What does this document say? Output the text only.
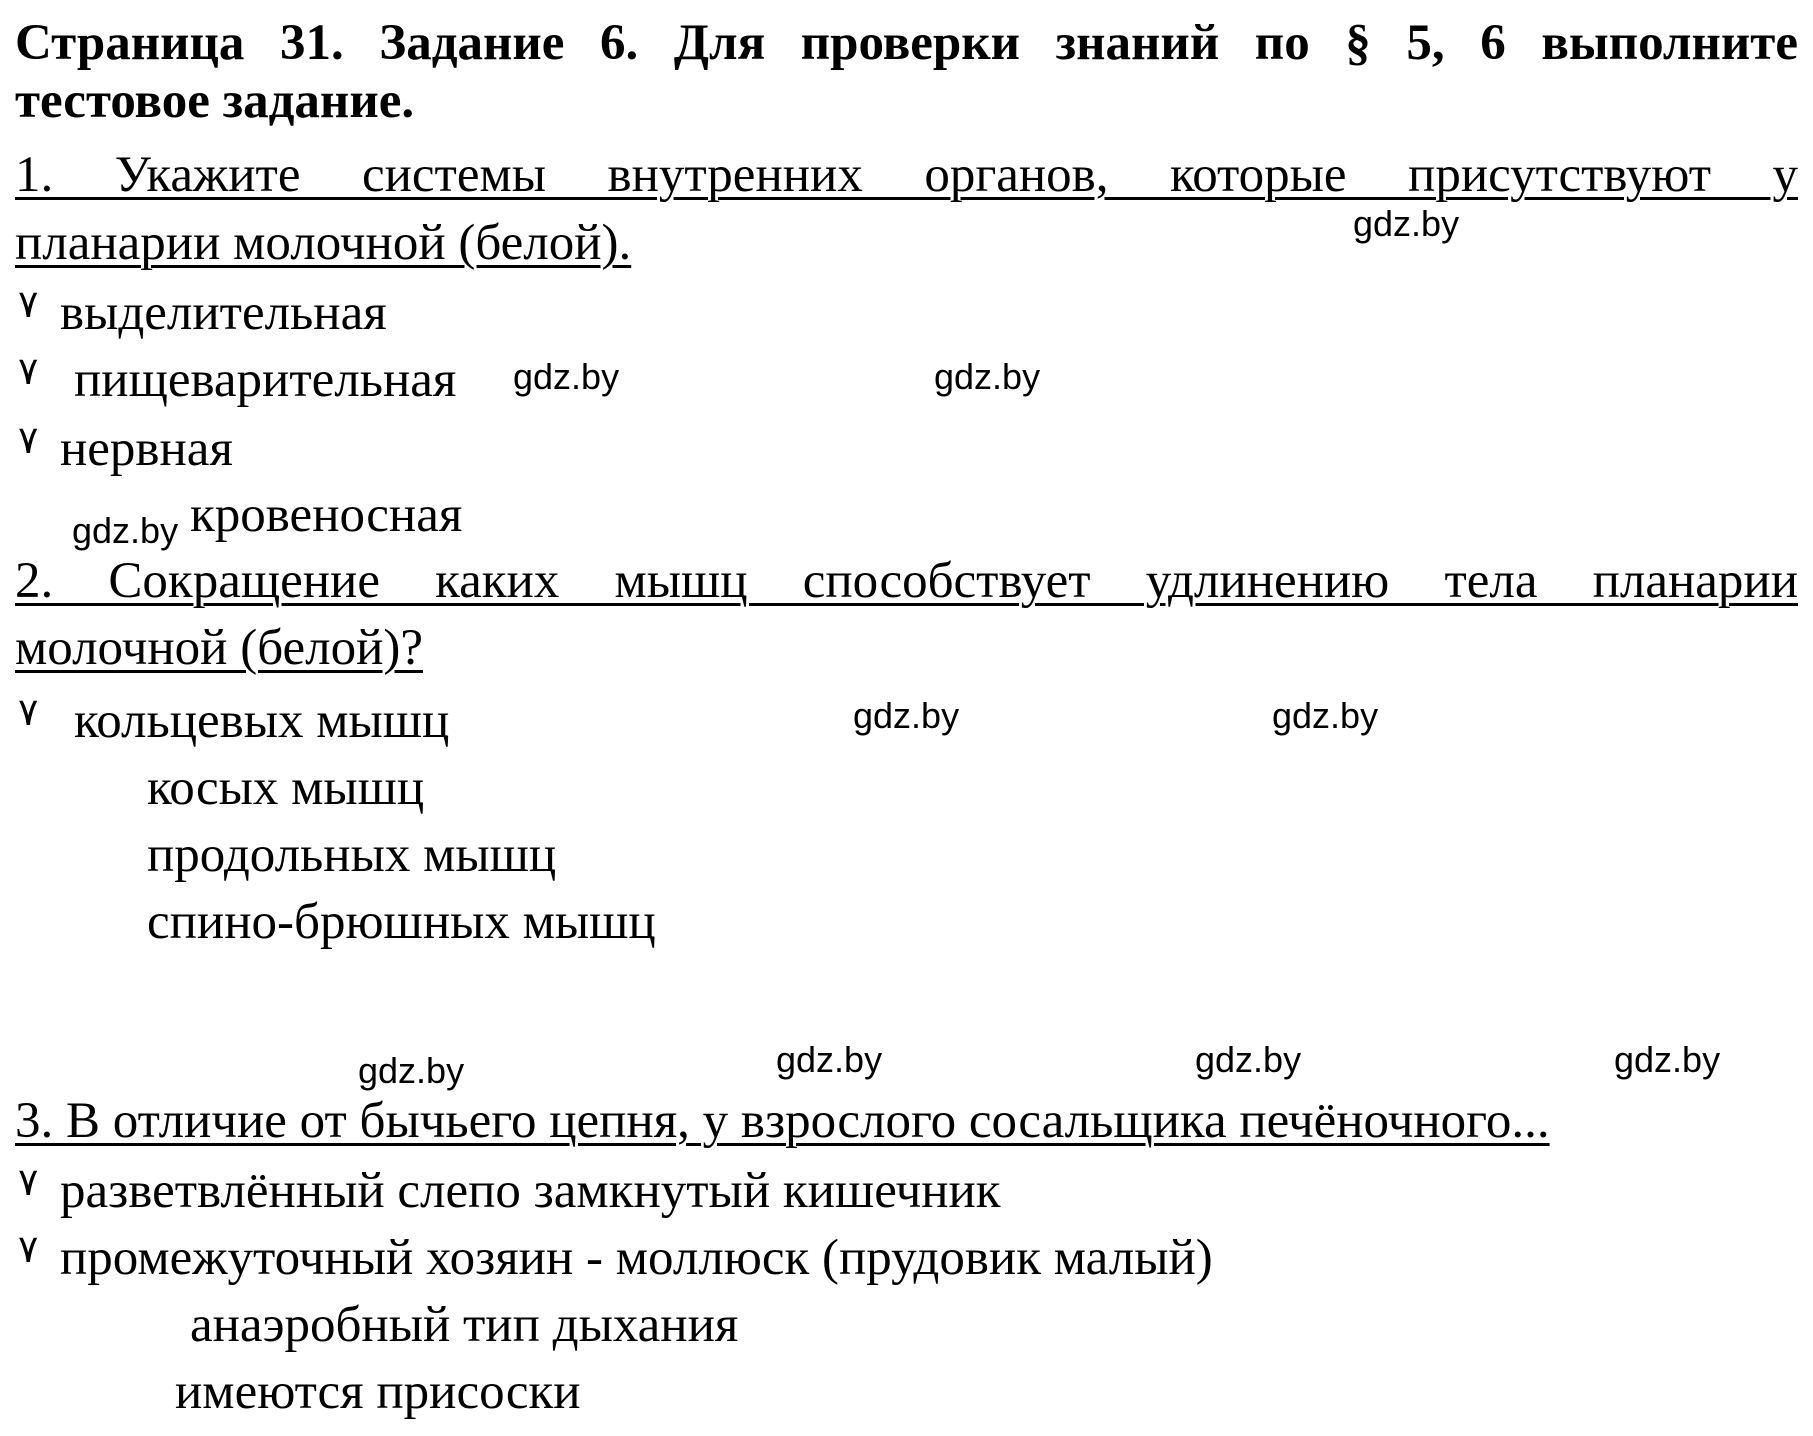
Страница 31. Задание 6. Для проверки знаний по § 5, 6 выполните
тестовое задание.
1. Укажите системы внутренних органов, которые присутствуют у
планарии молочной (белой).
٧ выделительная
٧ пищеварительная
٧ нервная
кровеносная
2. Сокращение каких мышц способствует удлинению тела планарии
молочной (белой)?
٧ кольцевых мышц
косых мышц
продольных мышц
спино-брюшных мышц
3. В отличие от бычьего цепня, у взрослого сосальщика печёночного...
٧ разветвлённый слепо замкнутый кишечник
٧ промежуточный хозяин - моллюск (прудовик малый)
анаэробный тип дыхания
имеются присоски
gdz.by
gdz.by	gdz.by
gdz.by
gdz.by	gdz.by
gdz.by	gdz.by	gdz.by	gdz.by
